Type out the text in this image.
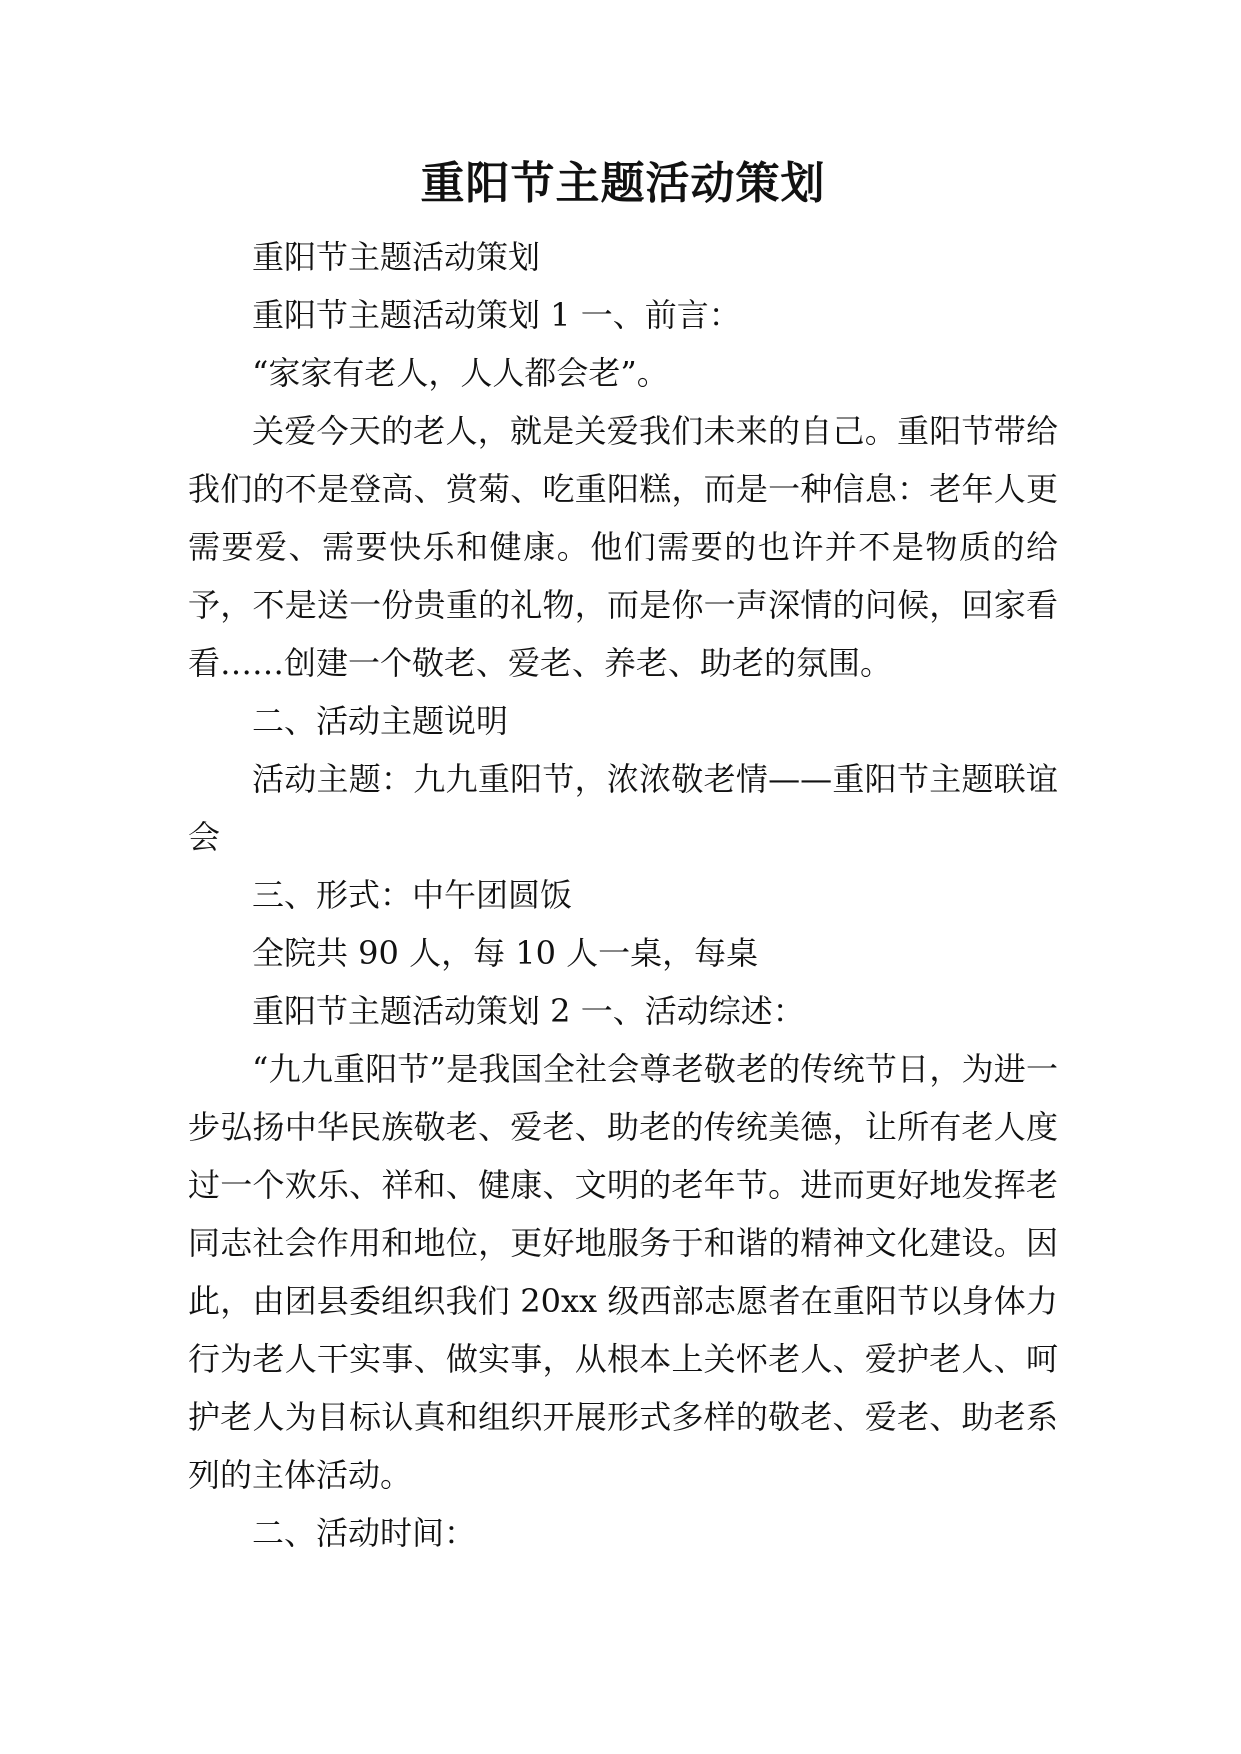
重阳节主题活动策划

重阳节主题活动策划

重阳节主题活动策划 1 一、前言：

“家家有老人，人人都会老”。

关爱今天的老人，就是关爱我们未来的自己。重阳节带给我们的不是登高、赏菊、吃重阳糕，而是一种信息：老年人更需要爱、需要快乐和健康。他们需要的也许并不是物质的给予，不是送一份贵重的礼物，而是你一声深情的问候，回家看看……创建一个敬老、爱老、养老、助老的氛围。

二、活动主题说明

活动主题：九九重阳节，浓浓敬老情——重阳节主题联谊会

三、形式：中午团圆饭

全院共 90 人，每 10 人一桌，每桌

重阳节主题活动策划 2 一、活动综述：

“九九重阳节”是我国全社会尊老敬老的传统节日，为进一步弘扬中华民族敬老、爱老、助老的传统美德，让所有老人度过一个欢乐、祥和、健康、文明的老年节。进而更好地发挥老同志社会作用和地位，更好地服务于和谐的精神文化建设。因此，由团县委组织我们 20xx 级西部志愿者在重阳节以身体力行为老人干实事、做实事，从根本上关怀老人、爱护老人、呵护老人为目标认真和组织开展形式多样的敬老、爱老、助老系列的主体活动。

二、活动时间：
